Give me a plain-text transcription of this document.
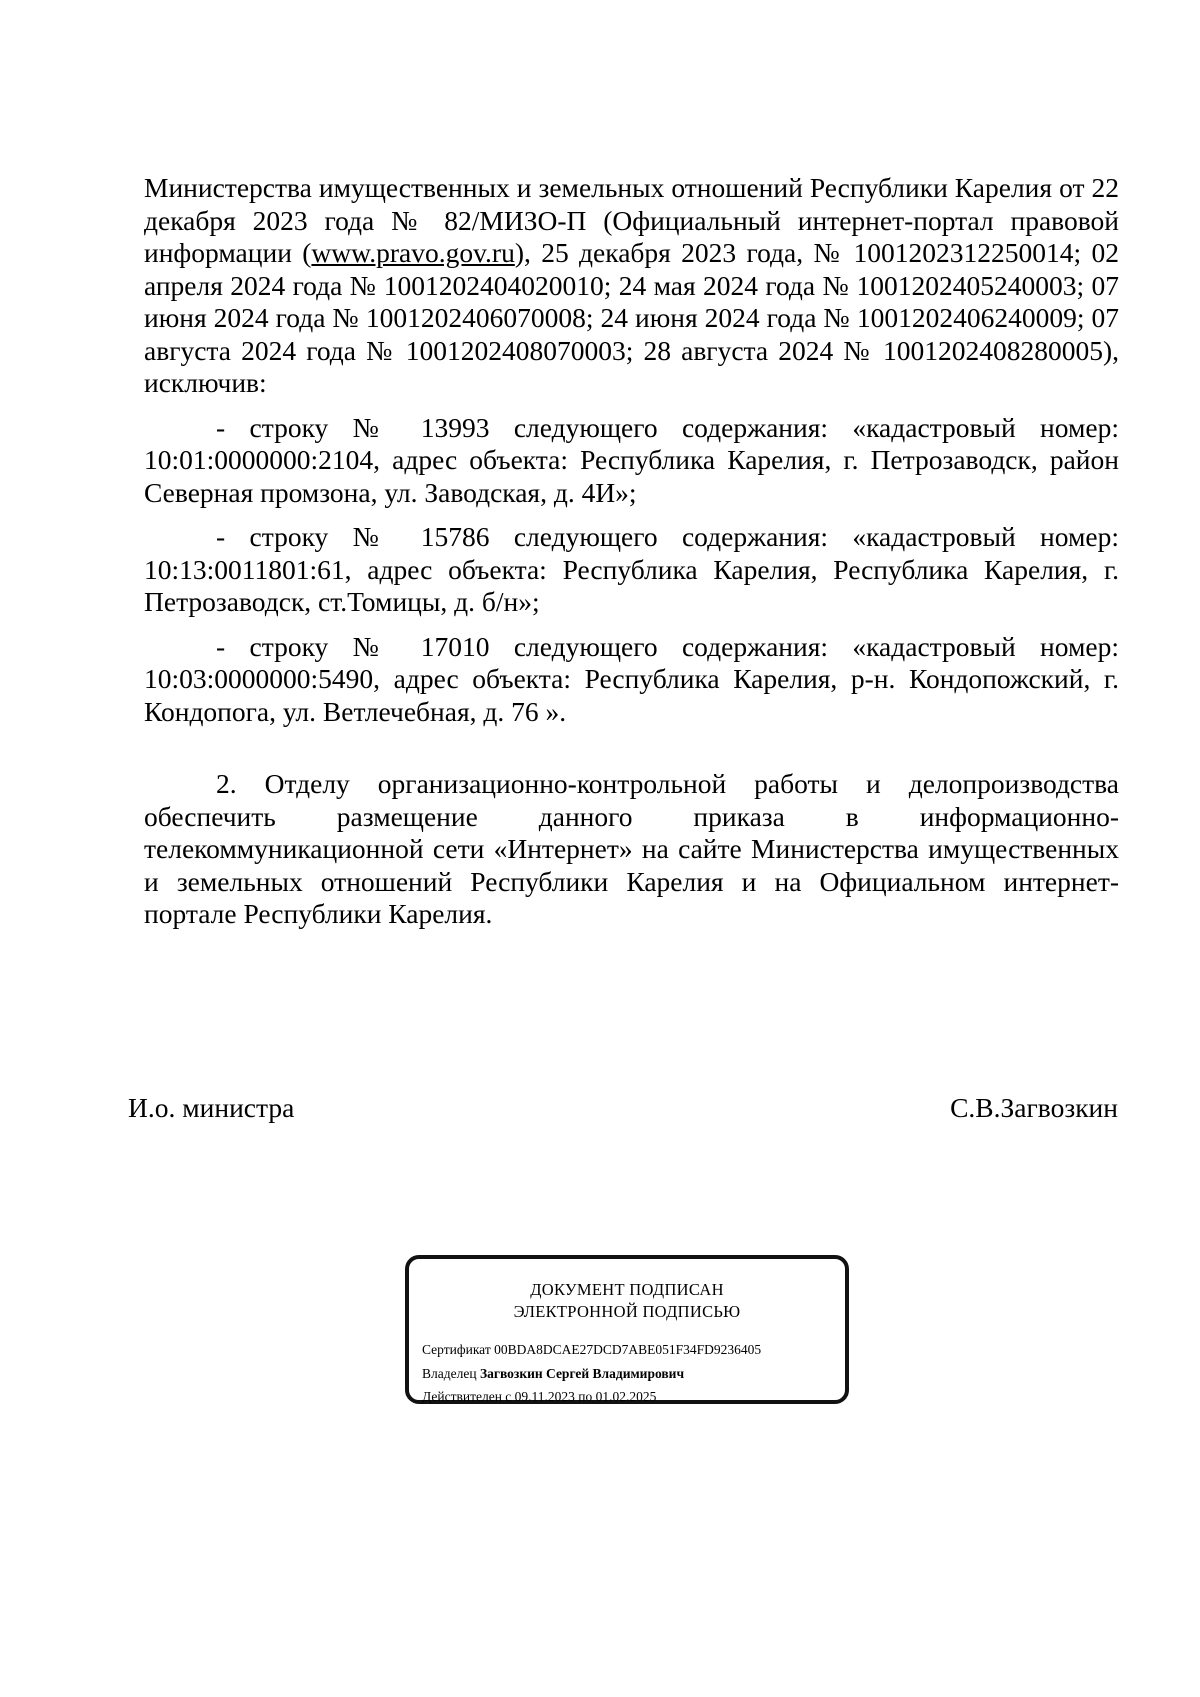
Министерства имущественных и земельных отношений Республики Карелия от 22 декабря 2023 года № 82/МИЗО-П (Официальный интернет-портал правовой информации (www.pravo.gov.ru), 25 декабря 2023 года, № 1001202312250014; 02 апреля 2024 года № 1001202404020010; 24 мая 2024 года № 1001202405240003; 07 июня 2024 года № 1001202406070008; 24 июня 2024 года № 1001202406240009; 07 августа 2024 года № 1001202408070003; 28 августа 2024 № 1001202408280005), исключив:

- строку № 13993 следующего содержания: «кадастровый номер: 10:01:0000000:2104, адрес объекта: Республика Карелия, г. Петрозаводск, район Северная промзона, ул. Заводская, д. 4И»;

- строку № 15786 следующего содержания: «кадастровый номер: 10:13:0011801:61, адрес объекта: Республика Карелия, Республика Карелия, г. Петрозаводск, ст.Томицы, д. б/н»;

- строку № 17010 следующего содержания: «кадастровый номер: 10:03:0000000:5490, адрес объекта: Республика Карелия, р-н. Кондопожский, г. Кондопога, ул. Ветлечебная, д. 76 ».

2. Отделу организационно-контрольной работы и делопроизводства обеспечить размещение данного приказа в информационно-телекоммуникационной сети «Интернет» на сайте Министерства имущественных и земельных отношений Республики Карелия и на Официальном интернет-портале Республики Карелия.

И.о. министра	С.В.Загвозкин
ДОКУМЕНТ ПОДПИСАН
ЭЛЕКТРОННОЙ ПОДПИСЬЮ
Сертификат 00BDA8DCAE27DCD7ABE051F34FD9236405
Владелец Загвозкин Сергей Владимирович
Действителен с 09.11.2023 по 01.02.2025
